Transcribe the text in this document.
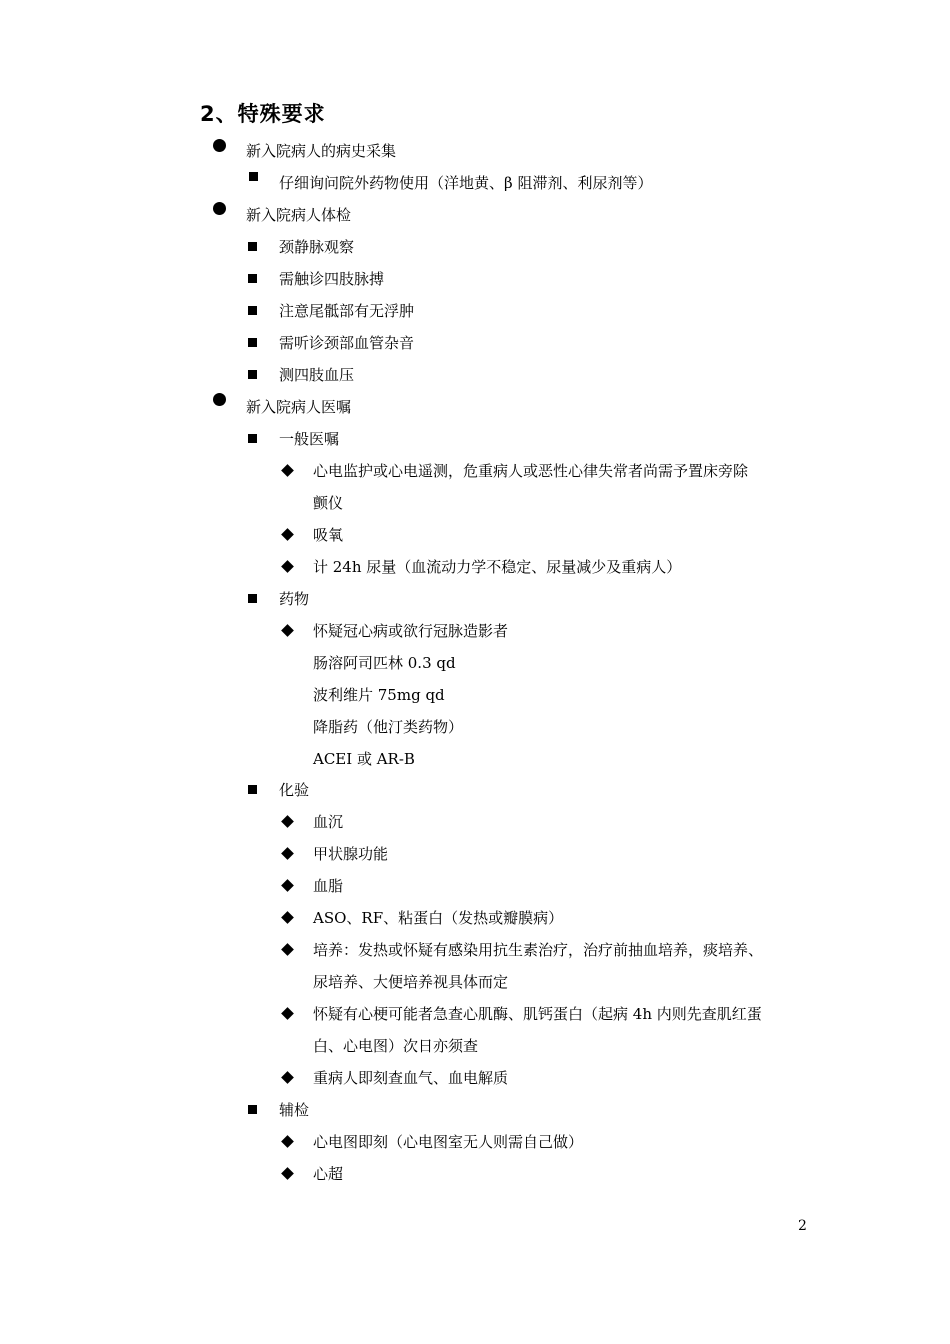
2、特殊要求
新入院病人的病史采集
仔细询问院外药物使用（洋地黄、β 阻滞剂、利尿剂等）
新入院病人体检
颈静脉观察
需触诊四肢脉搏
注意尾骶部有无浮肿
需听诊颈部血管杂音
测四肢血压
新入院病人医嘱
一般医嘱
心电监护或心电遥测，危重病人或恶性心律失常者尚需予置床旁除
颤仪
吸氧
计 24h 尿量（血流动力学不稳定、尿量减少及重病人）
药物
怀疑冠心病或欲行冠脉造影者
肠溶阿司匹林 0.3 qd
波利维片 75mg qd
降脂药（他汀类药物）
ACEI 或 AR-B
化验
血沉
甲状腺功能
血脂
ASO、RF、粘蛋白（发热或瓣膜病）
培养：发热或怀疑有感染用抗生素治疗，治疗前抽血培养，痰培养、
尿培养、大便培养视具体而定
怀疑有心梗可能者急查心肌酶、肌钙蛋白（起病 4h 内则先查肌红蛋
白、心电图）次日亦须查
重病人即刻查血气、血电解质
辅检
心电图即刻（心电图室无人则需自己做）
心超
2
